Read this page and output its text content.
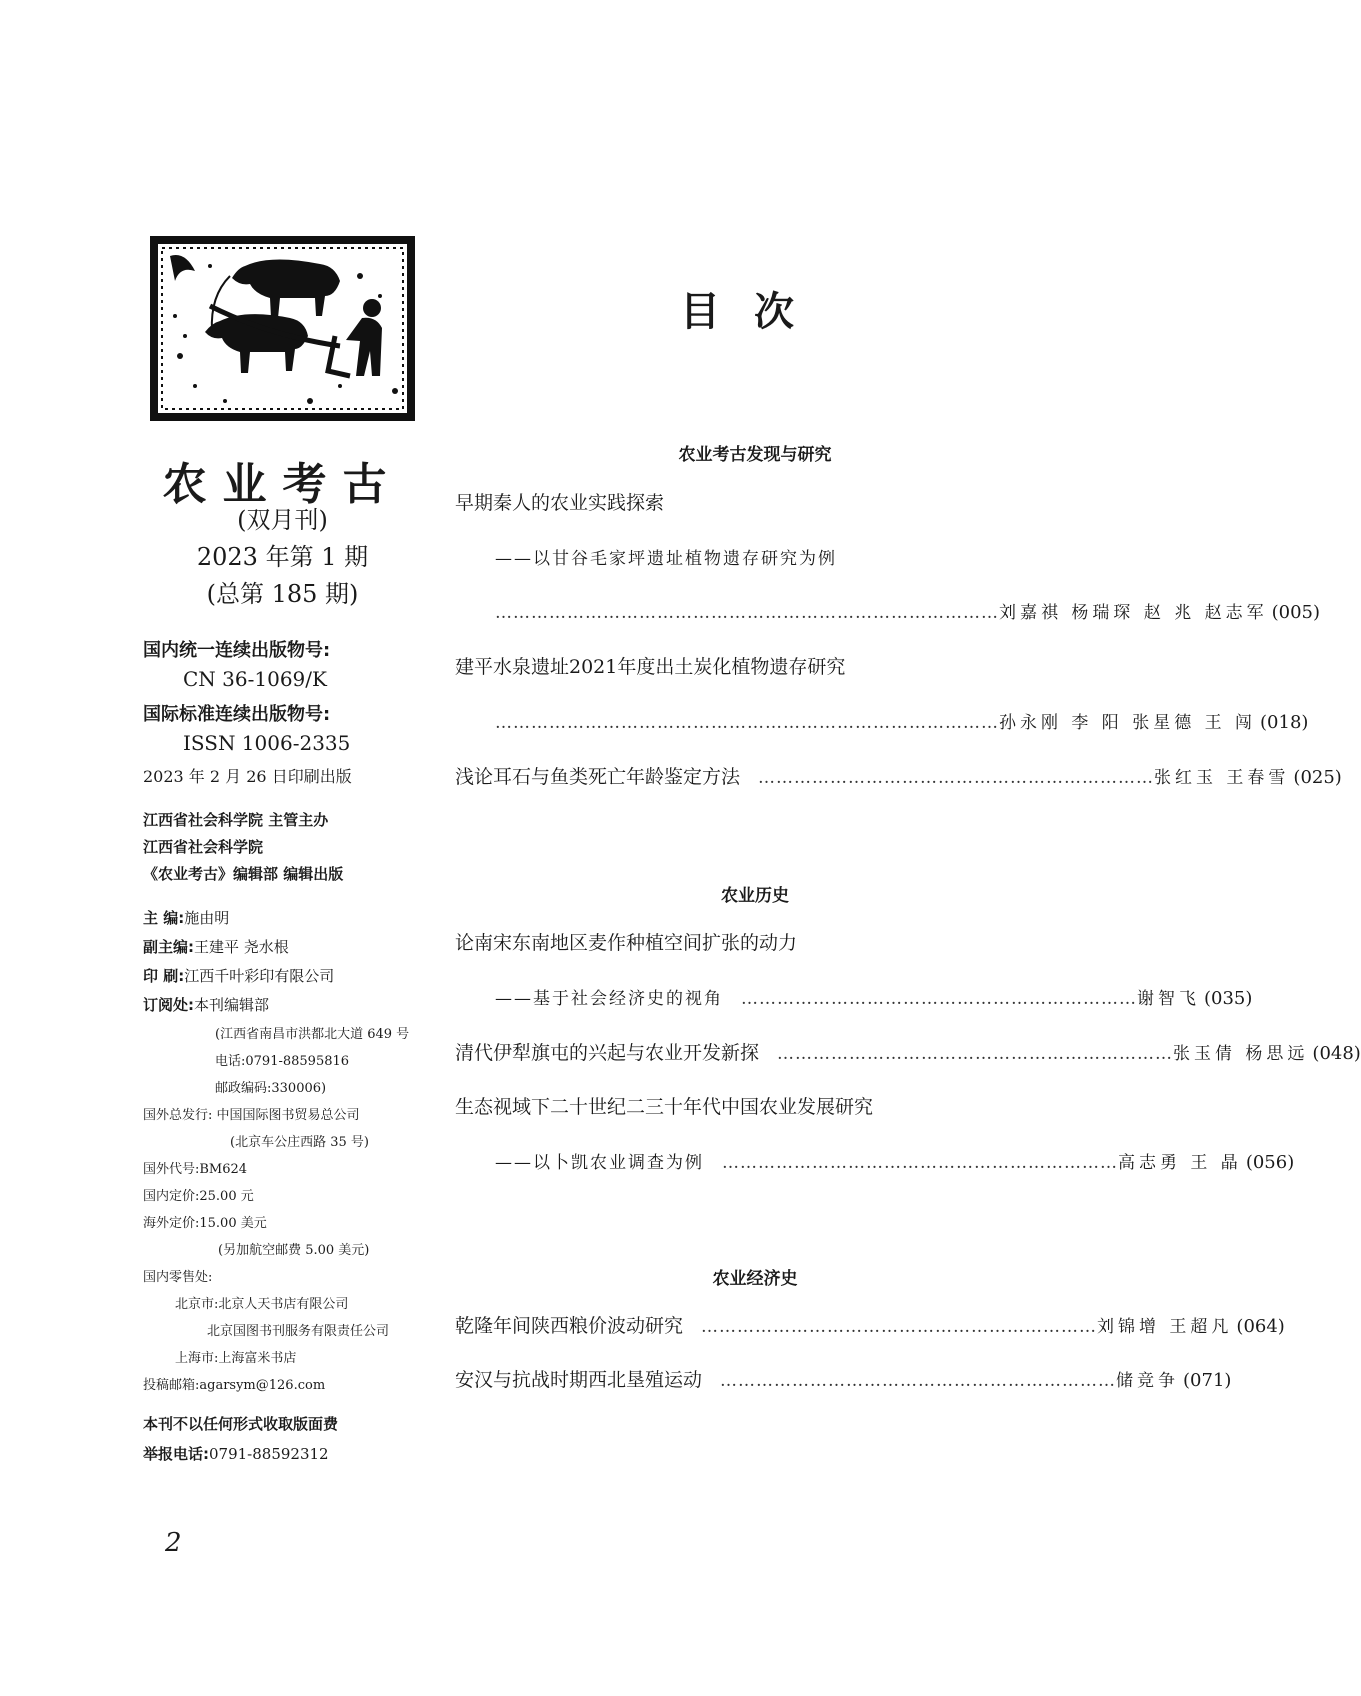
农业考古
(双月刊)
2023 年第 1 期
(总第 185 期)
国内统一连续出版物号:
CN 36-1069/K
国际标准连续出版物号:
ISSN 1006-2335
2023 年 2 月 26 日印刷出版
江西省社会科学院 主管主办
江西省社会科学院
《农业考古》编辑部 编辑出版
主 编:施由明
副主编:王建平 尧水根
印 刷:江西千叶彩印有限公司
订阅处:本刊编辑部
(江西省南昌市洪都北大道 649 号
电话:0791-88595816
邮政编码:330006)
国外总发行: 中国国际图书贸易总公司
(北京车公庄西路 35 号)
国外代号:BM624
国内定价:25.00 元
海外定价:15.00 美元
(另加航空邮费 5.00 美元)
国内零售处:
北京市:北京人天书店有限公司
北京国图书刊服务有限责任公司
上海市:上海富米书店
投稿邮箱:agarsym@126.com
本刊不以任何形式收取版面费
举报电话:0791-88592312
2
目次
农业考古发现与研究
早期秦人的农业实践探索
——以甘谷毛家坪遗址植物遗存研究为例
………………………………………………………………………… 刘嘉祺 杨瑞琛 赵 兆 赵志军 (005)
建平水泉遗址2021年度出土炭化植物遗存研究
………………………………………………………………………… 孙永刚 李 阳 张星德 王 闯 (018)
浅论耳石与鱼类死亡年龄鉴定方法 ………………………………………………………… 张红玉 王春雪 (025)
农业历史
论南宋东南地区麦作种植空间扩张的动力
——基于社会经济史的视角 ………………………………………………………… 谢智飞 (035)
清代伊犁旗屯的兴起与农业开发新探 ………………………………………………………… 张玉倩 杨思远 (048)
生态视域下二十世纪二三十年代中国农业发展研究
——以卜凯农业调查为例 ………………………………………………………… 高志勇 王 晶 (056)
农业经济史
乾隆年间陕西粮价波动研究 ………………………………………………………… 刘锦增 王超凡 (064)
安汉与抗战时期西北垦殖运动 ………………………………………………………… 储竞争 (071)
